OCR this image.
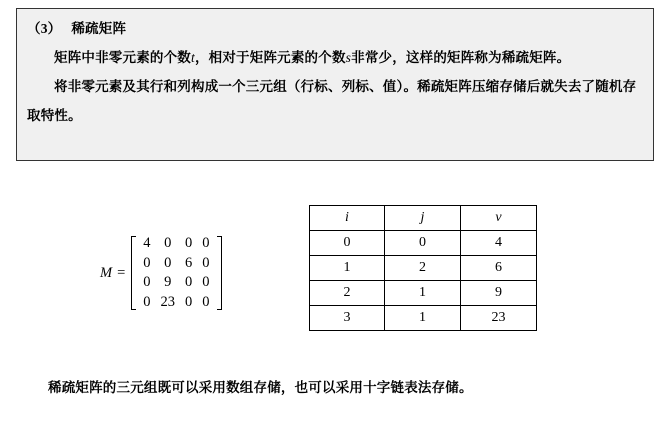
（3） 稀疏矩阵

矩阵中非零元素的个数t，相对于矩阵元素的个数s非常少，这样的矩阵称为稀疏矩阵。

将非零元素及其行和列构成一个三元组（行标、列标、值）。稀疏矩阵压缩存储后就失去了随机存取特性。

M =
4	0	0	0
0	0	6	0
0	9	0	0
0	23	0	0
i	j	v
0	0	4
1	2	6
2	1	9
3	1	23
稀疏矩阵的三元组既可以采用数组存储，也可以采用十字链表法存储。
